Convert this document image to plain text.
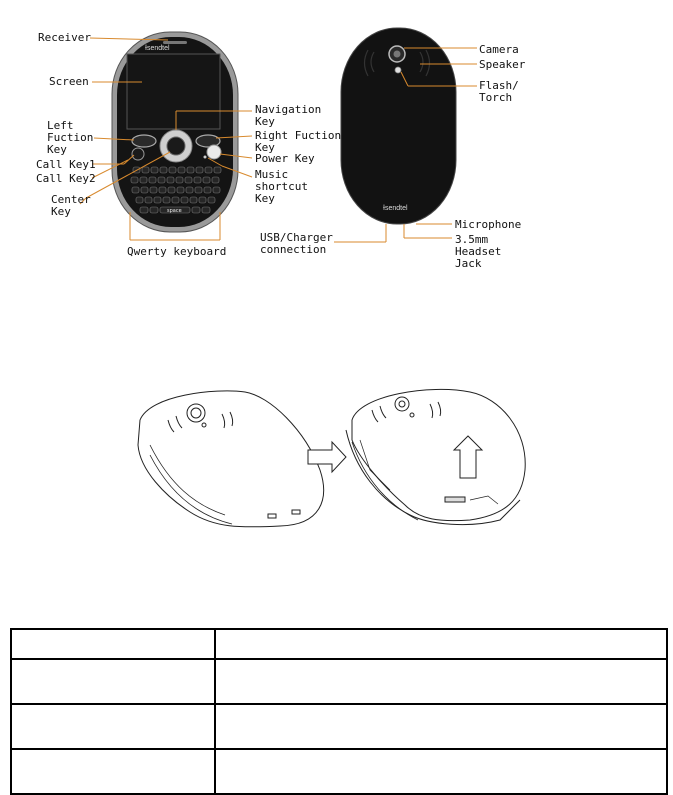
Ɨsendtel
space	Ɨsendtel
Receiver
Screen
Left
Fuction
Key
Call Key1
Call Key2
Center
Key
Navigation
Key
Right Fuction
Key
Power Key
Music
shortcut
Key
Qwerty keyboard
Camera
Speaker
Flash/
Torch
USB/Charger
connection
Microphone
3.5mm
Headset
Jack
